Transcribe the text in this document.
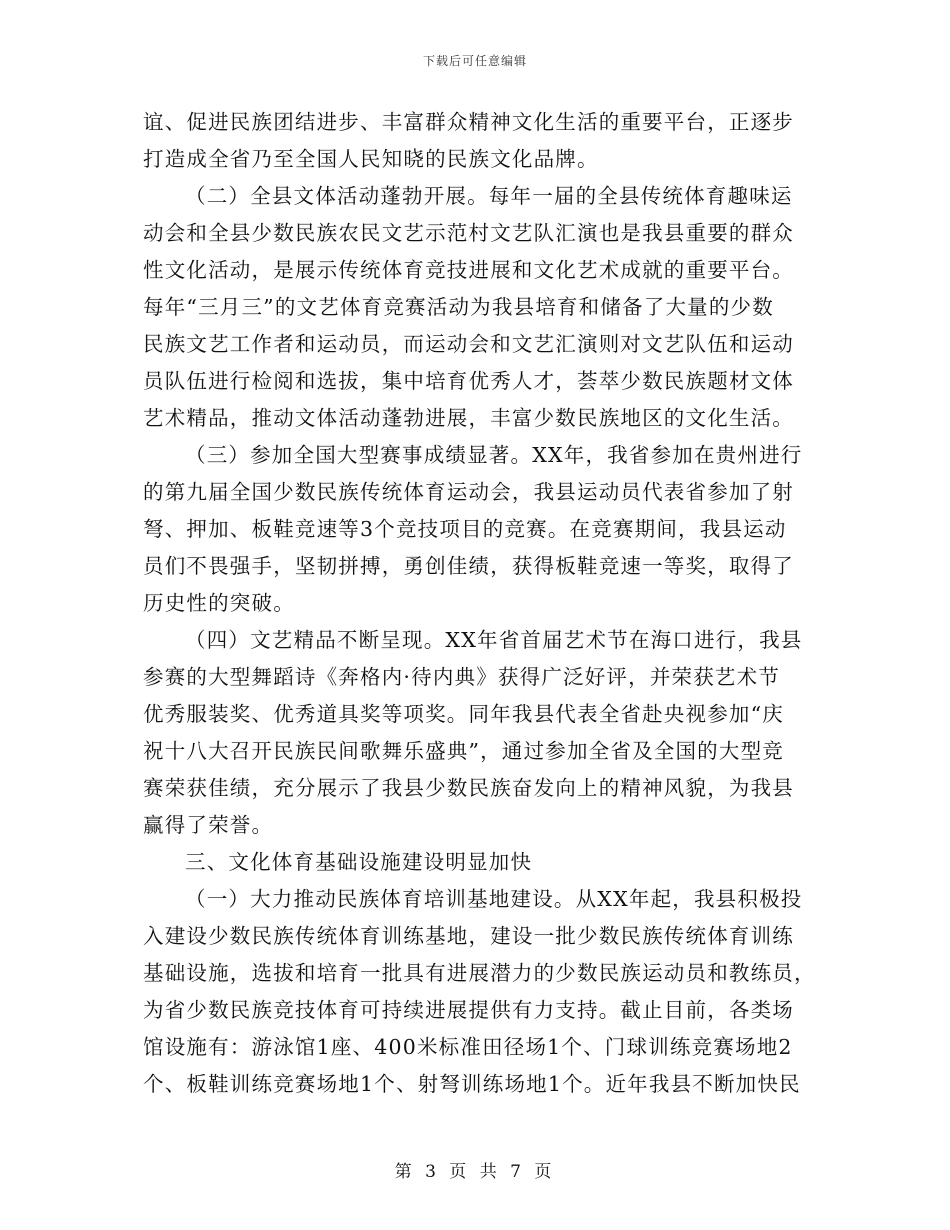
下载后可任意编辑
谊、促进民族团结进步、丰富群众精神文化生活的重要平台，正逐步
打造成全省乃至全国人民知晓的民族文化品牌。
（二）全县文体活动蓬勃开展。每年一届的全县传统体育趣味运
动会和全县少数民族农民文艺示范村文艺队汇演也是我县重要的群众
性文化活动，是展示传统体育竞技进展和文化艺术成就的重要平台。
每年“三月三”的文艺体育竞赛活动为我县培育和储备了大量的少数
民族文艺工作者和运动员，而运动会和文艺汇演则对文艺队伍和运动
员队伍进行检阅和选拔，集中培育优秀人才，荟萃少数民族题材文体
艺术精品，推动文体活动蓬勃进展，丰富少数民族地区的文化生活。
（三）参加全国大型赛事成绩显著。XX年，我省参加在贵州进行
的第九届全国少数民族传统体育运动会，我县运动员代表省参加了射
弩、押加、板鞋竞速等3个竞技项目的竞赛。在竞赛期间，我县运动
员们不畏强手，坚韧拼搏，勇创佳绩，获得板鞋竞速一等奖，取得了
历史性的突破。
（四）文艺精品不断呈现。XX年省首届艺术节在海口进行，我县
参赛的大型舞蹈诗《奔格内·待内典》获得广泛好评，并荣获艺术节
优秀服装奖、优秀道具奖等项奖。同年我县代表全省赴央视参加“庆
祝十八大召开民族民间歌舞乐盛典”，通过参加全省及全国的大型竞
赛荣获佳绩，充分展示了我县少数民族奋发向上的精神风貌，为我县
赢得了荣誉。
三、文化体育基础设施建设明显加快
（一）大力推动民族体育培训基地建设。从XX年起，我县积极投
入建设少数民族传统体育训练基地，建设一批少数民族传统体育训练
基础设施，选拔和培育一批具有进展潜力的少数民族运动员和教练员，
为省少数民族竞技体育可持续进展提供有力支持。截止目前，各类场
馆设施有：游泳馆1座、400米标准田径场1个、门球训练竞赛场地2
个、板鞋训练竞赛场地1个、射弩训练场地1个。近年我县不断加快民
第 3 页 共 7 页
